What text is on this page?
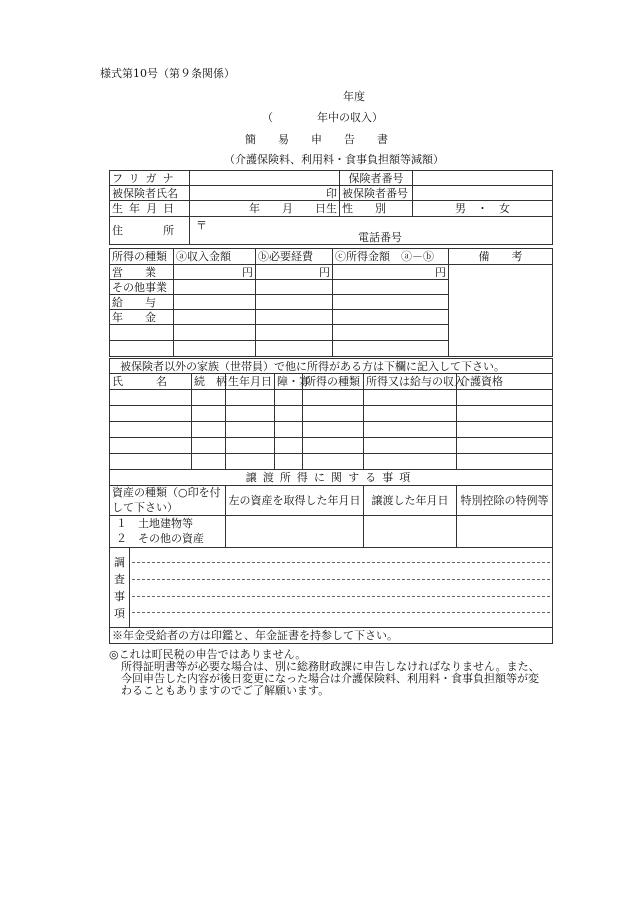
様式第10号（第９条関係）
年度
（　　　　年中の収入）
簡　　易　　申　　告　　書
（介護保険料、利用料・食事負担額等減額）
フリガナ		保険者番号	
被保険者氏名	印	被保険者番号	
生年月日	年　　月　　日生	性　　別	男　・　女
住　　所	〒
電話番号		
所得の種類	ⓐ収入金額	ⓑ必要経費	ⓒ所得金額　ⓐ－ⓑ	備　　考
営　　業	円	円	円	
その他事業				
給　　与				
年　　金				

被保険者以外の家族（世帯員）で他に所得がある方は下欄に記入して下さい。						
氏　　　名	続　柄	生年月日	障・寡	所得の種類	所得又は給与の収入	介護資格

譲渡所得に関する事項						
資産の種類（○印を付して下さい）		左の資産を取得した年月日			譲渡した年月日	特別控除の特例等

１　土地建物等
２　その他の資産						

調
査
事
項						

※年金受給者の方は印鑑と、年金証書を持参して下さい。						
◎これは町民税の申告ではありません。
所得証明書等が必要な場合は、別に総務財政課に申告しなければなりません。また、
今回申告した内容が後日変更になった場合は介護保険料、利用料・食事負担額等が変
わることもありますのでご了解願います。
